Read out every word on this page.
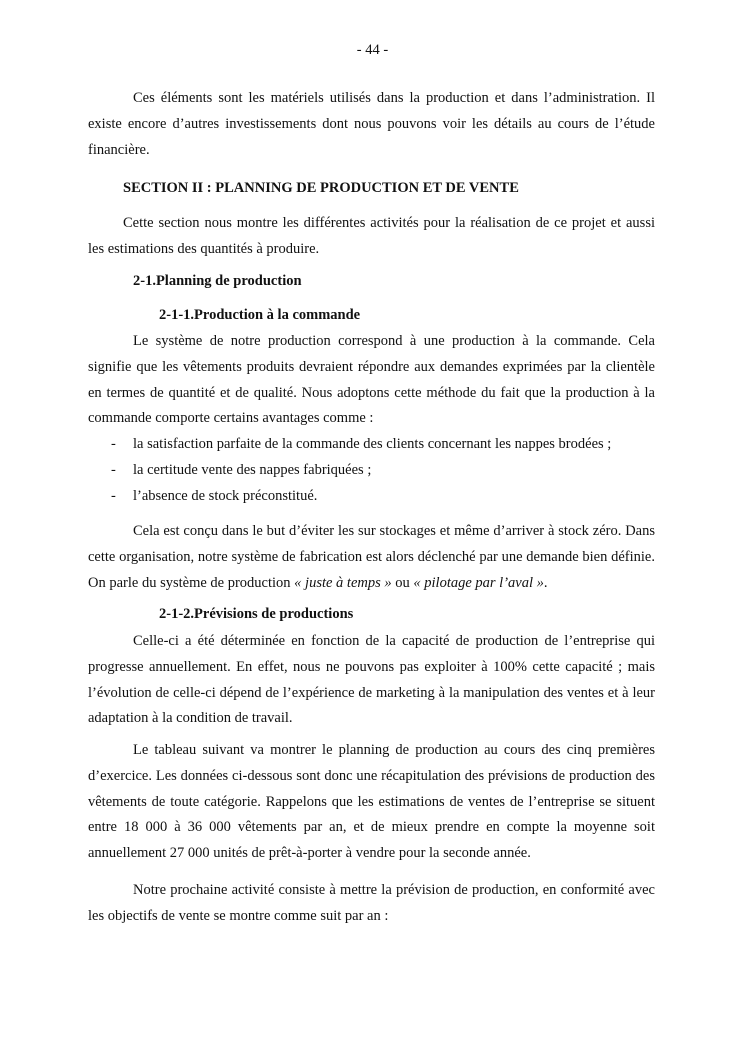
- 44 -

Ces éléments sont les matériels utilisés dans la production et dans l’administration. Il existe encore d’autres investissements dont nous pouvons voir les détails au cours de l’étude financière.

SECTION II : PLANNING DE PRODUCTION ET DE VENTE

Cette section nous montre les différentes activités pour la réalisation de ce projet et aussi les estimations des quantités à produire.

2-1.Planning de production
2-1-1.Production à la commande

Le système de notre production correspond à une production à la commande. Cela signifie que les vêtements produits devraient répondre aux demandes exprimées par la clientèle en termes de quantité et de qualité. Nous adoptons cette méthode du fait que la production à la commande comporte certains avantages comme :

- la satisfaction parfaite de la commande des clients concernant les nappes brodées ;
- la certitude vente des nappes fabriquées ;
- l’absence de stock préconstitué.

Cela est conçu dans le but d’éviter les sur stockages et même d’arriver à stock zéro. Dans cette organisation, notre système de fabrication est alors déclenché par une demande bien définie. On parle du système de production « juste à temps » ou « pilotage par l’aval ».

2-1-2.Prévisions de productions

Celle-ci a été déterminée en fonction de la capacité de production de l’entreprise qui progresse annuellement. En effet, nous ne pouvons pas exploiter à 100% cette capacité ; mais l’évolution de celle-ci dépend de l’expérience de marketing à la manipulation des ventes et à leur adaptation à la condition de travail.

Le tableau suivant va montrer le planning de production au cours des cinq premières d’exercice. Les données ci-dessous sont donc une récapitulation des prévisions de production des vêtements de toute catégorie. Rappelons que les estimations de ventes de l’entreprise se situent entre 18 000 à 36 000 vêtements par an, et de mieux prendre en compte la moyenne soit annuellement 27 000 unités de prêt-à-porter à vendre pour la seconde année.

Notre prochaine activité consiste à mettre la prévision de production, en conformité avec les objectifs de vente se montre comme suit par an :
